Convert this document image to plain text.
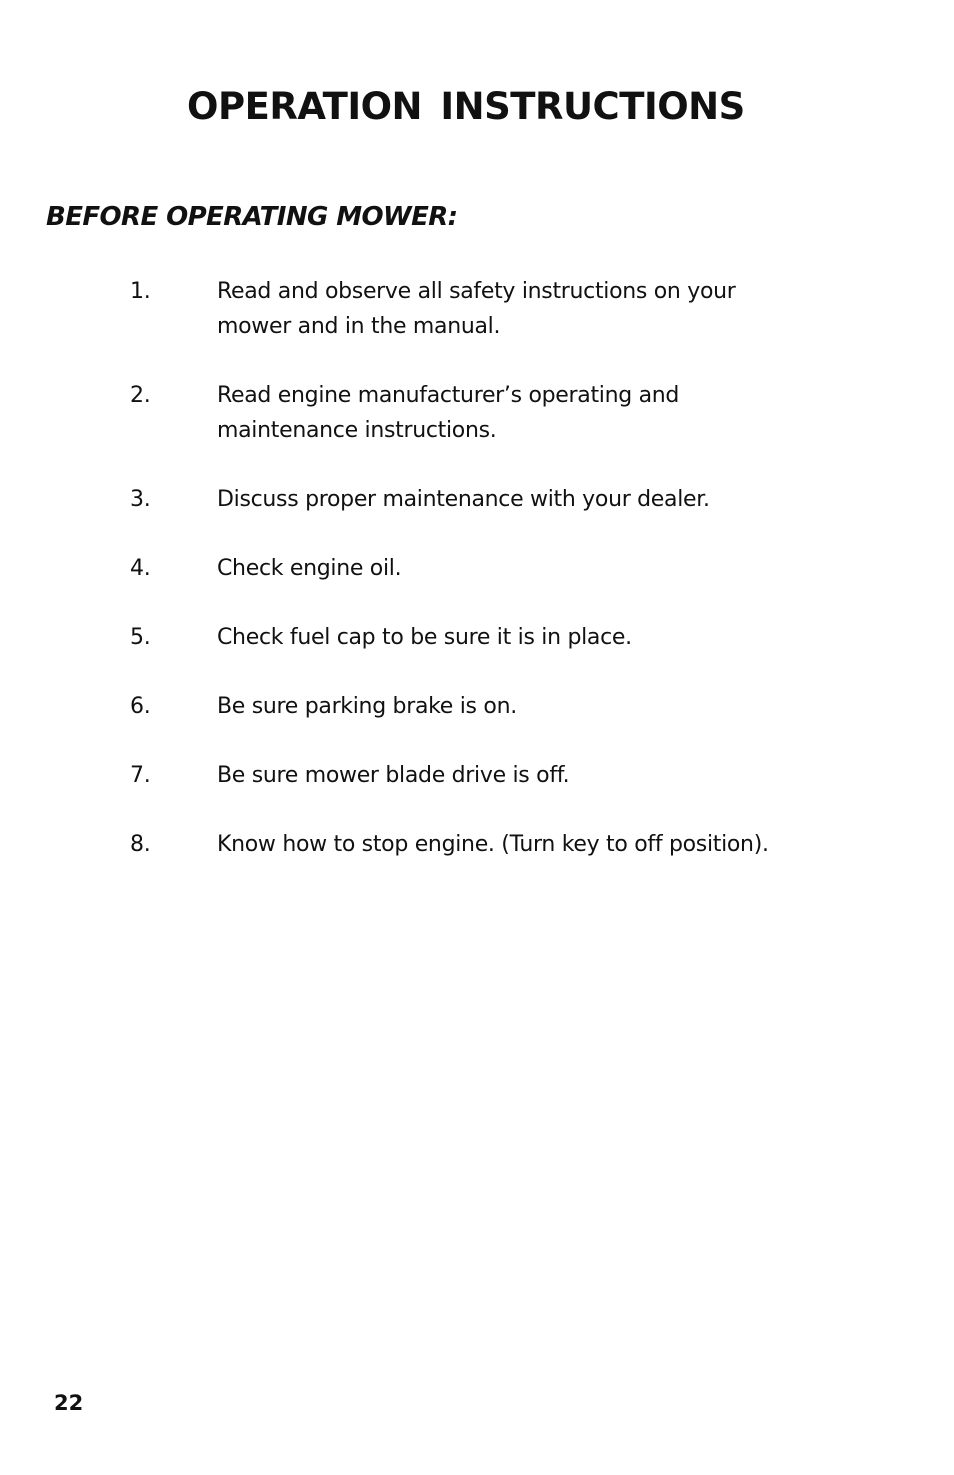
OPERATION INSTRUCTIONS
BEFORE OPERATING MOWER:
1.	Read and observe all safety instructions on your
mower and in the manual.
2.	Read engine manufacturer’s operating and
maintenance instructions.
3.	Discuss proper maintenance with your dealer.
4.	Check engine oil.
5.	Check fuel cap to be sure it is in place.
6.	Be sure parking brake is on.
7.	Be sure mower blade drive is off.
8.	Know how to stop engine. (Turn key to off position).
22
